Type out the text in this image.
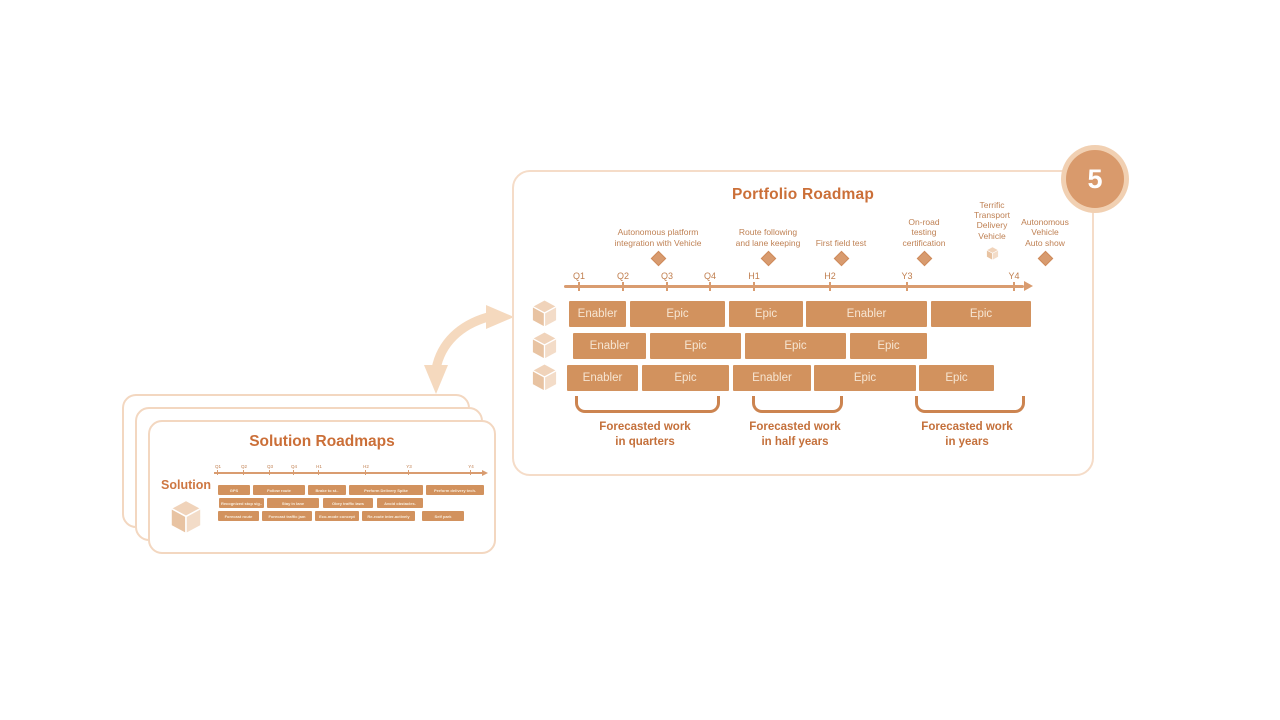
Solution Roadmaps
Solution
Q1	Q2	Q3	Q4	H1	H2	Y3	Y4
GPS	Follow route	Brake to st..	Perform Delivery Spike	Perform delivery tech.
Recognized stop sig..	Stay in lane	Obey traffic laws	Avoid obstacles.
Forecast route	Forecast traffic jam	Eco-mode concept	Re-route inter-actively	Self park
Portfolio Roadmap
Autonomous platform
integration with Vehicle
Route following
and lane keeping First field test
On-road
testing
certification
Terrific
Transport
Delivery
Vehicle
Autonomous
Vehicle
Auto show
Q1	Q2	Q3	Q4	H1	H2	Y3	Y4
Enabler	Epic	Epic	Enabler	Epic
Enabler	Epic	Epic	Epic
Enabler	Epic	Enabler	Epic	Epic
Forecasted work
in quarters
Forecasted work
in half years
Forecasted work
in years
5
